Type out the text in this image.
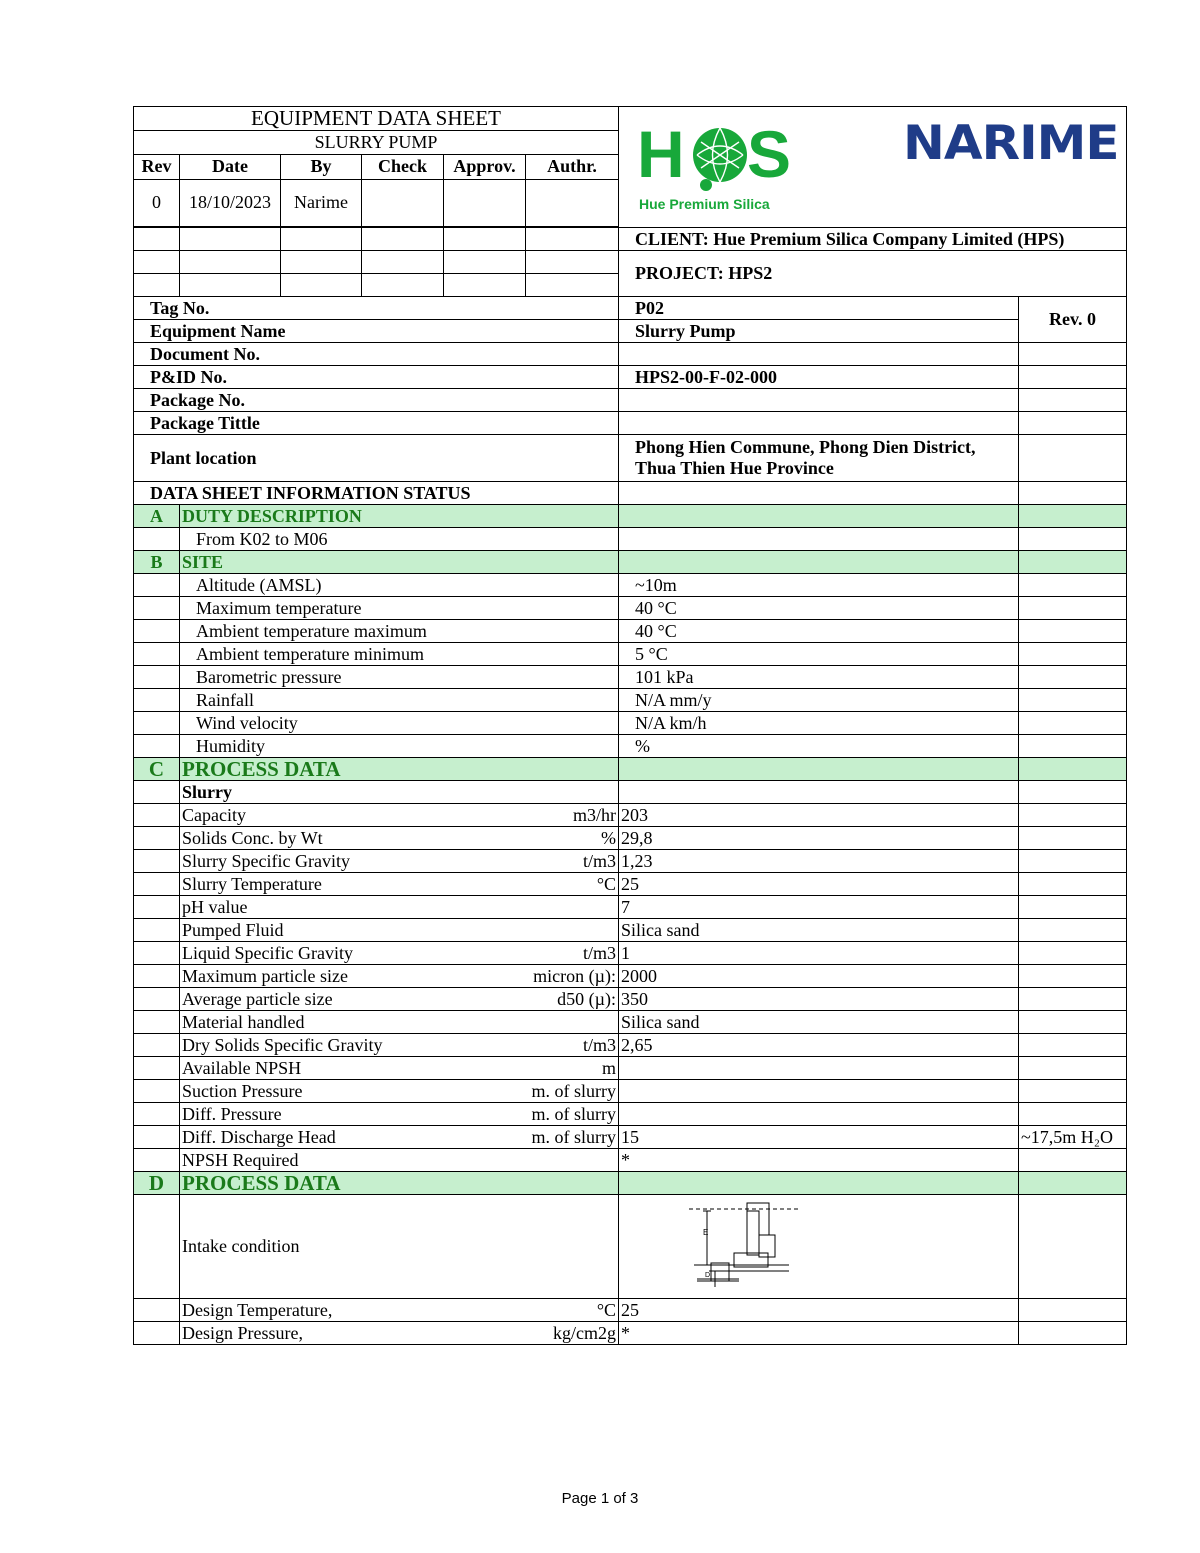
EQUIPMENT DATA SHEET						H S
Hue Premium Silica
NARIME	

SLURRY PUMP							
Rev	Date	By	Check	Approv.	Authr.		
0	18/10/2023	Narime					

						CLIENT: Hue Premium Silica Company Limited (HPS)	
						PROJECT: HPS2	

Tag No.						P02	Rev. 0
Equipment Name						Slurry Pump	
Document No.							
P&ID No.						HPS2-00-F-02-000	
Package No.							
Package Tittle							
Plant location						Phong Hien Commune, Phong Dien District,
Thua Thien Hue Province	

DATA SHEET INFORMATION STATUS							
A	DUTY DESCRIPTION						
	From K02 to M06						
B	SITE						
	Altitude (AMSL)					~10m	
	Maximum temperature					40 °C	
	Ambient temperature maximum					40 °C	
	Ambient temperature minimum					5 °C	
	Barometric pressure					101 kPa	
	Rainfall					N/A mm/y	
	Wind velocity					N/A km/h	
	Humidity					%	
C	PROCESS DATA						
	Slurry						
	Capacity			m3/hr		203	
	Solids Conc. by Wt			%		29,8	
	Slurry Specific Gravity			t/m3		1,23	
	Slurry Temperature			°C		25	
	pH value					7	
	Pumped Fluid					Silica sand	
	Liquid Specific Gravity			t/m3		1	
	Maximum particle size			micron (µ):		2000	
	Average particle size			d50 (µ):		350	
	Material handled					Silica sand	
	Dry Solids Specific Gravity			t/m3		2,65	
	Available NPSH			m			
	Suction Pressure			m. of slurry			
	Diff. Pressure			m. of slurry			
	Diff. Discharge Head			m. of slurry		15	~17,5m H₂O
	NPSH Required					*	
D	PROCESS DATA						
	Intake condition					E
D	

	Design Temperature,			°C		25	
	Design Pressure,			kg/cm2g		*	
Page 1 of 3
